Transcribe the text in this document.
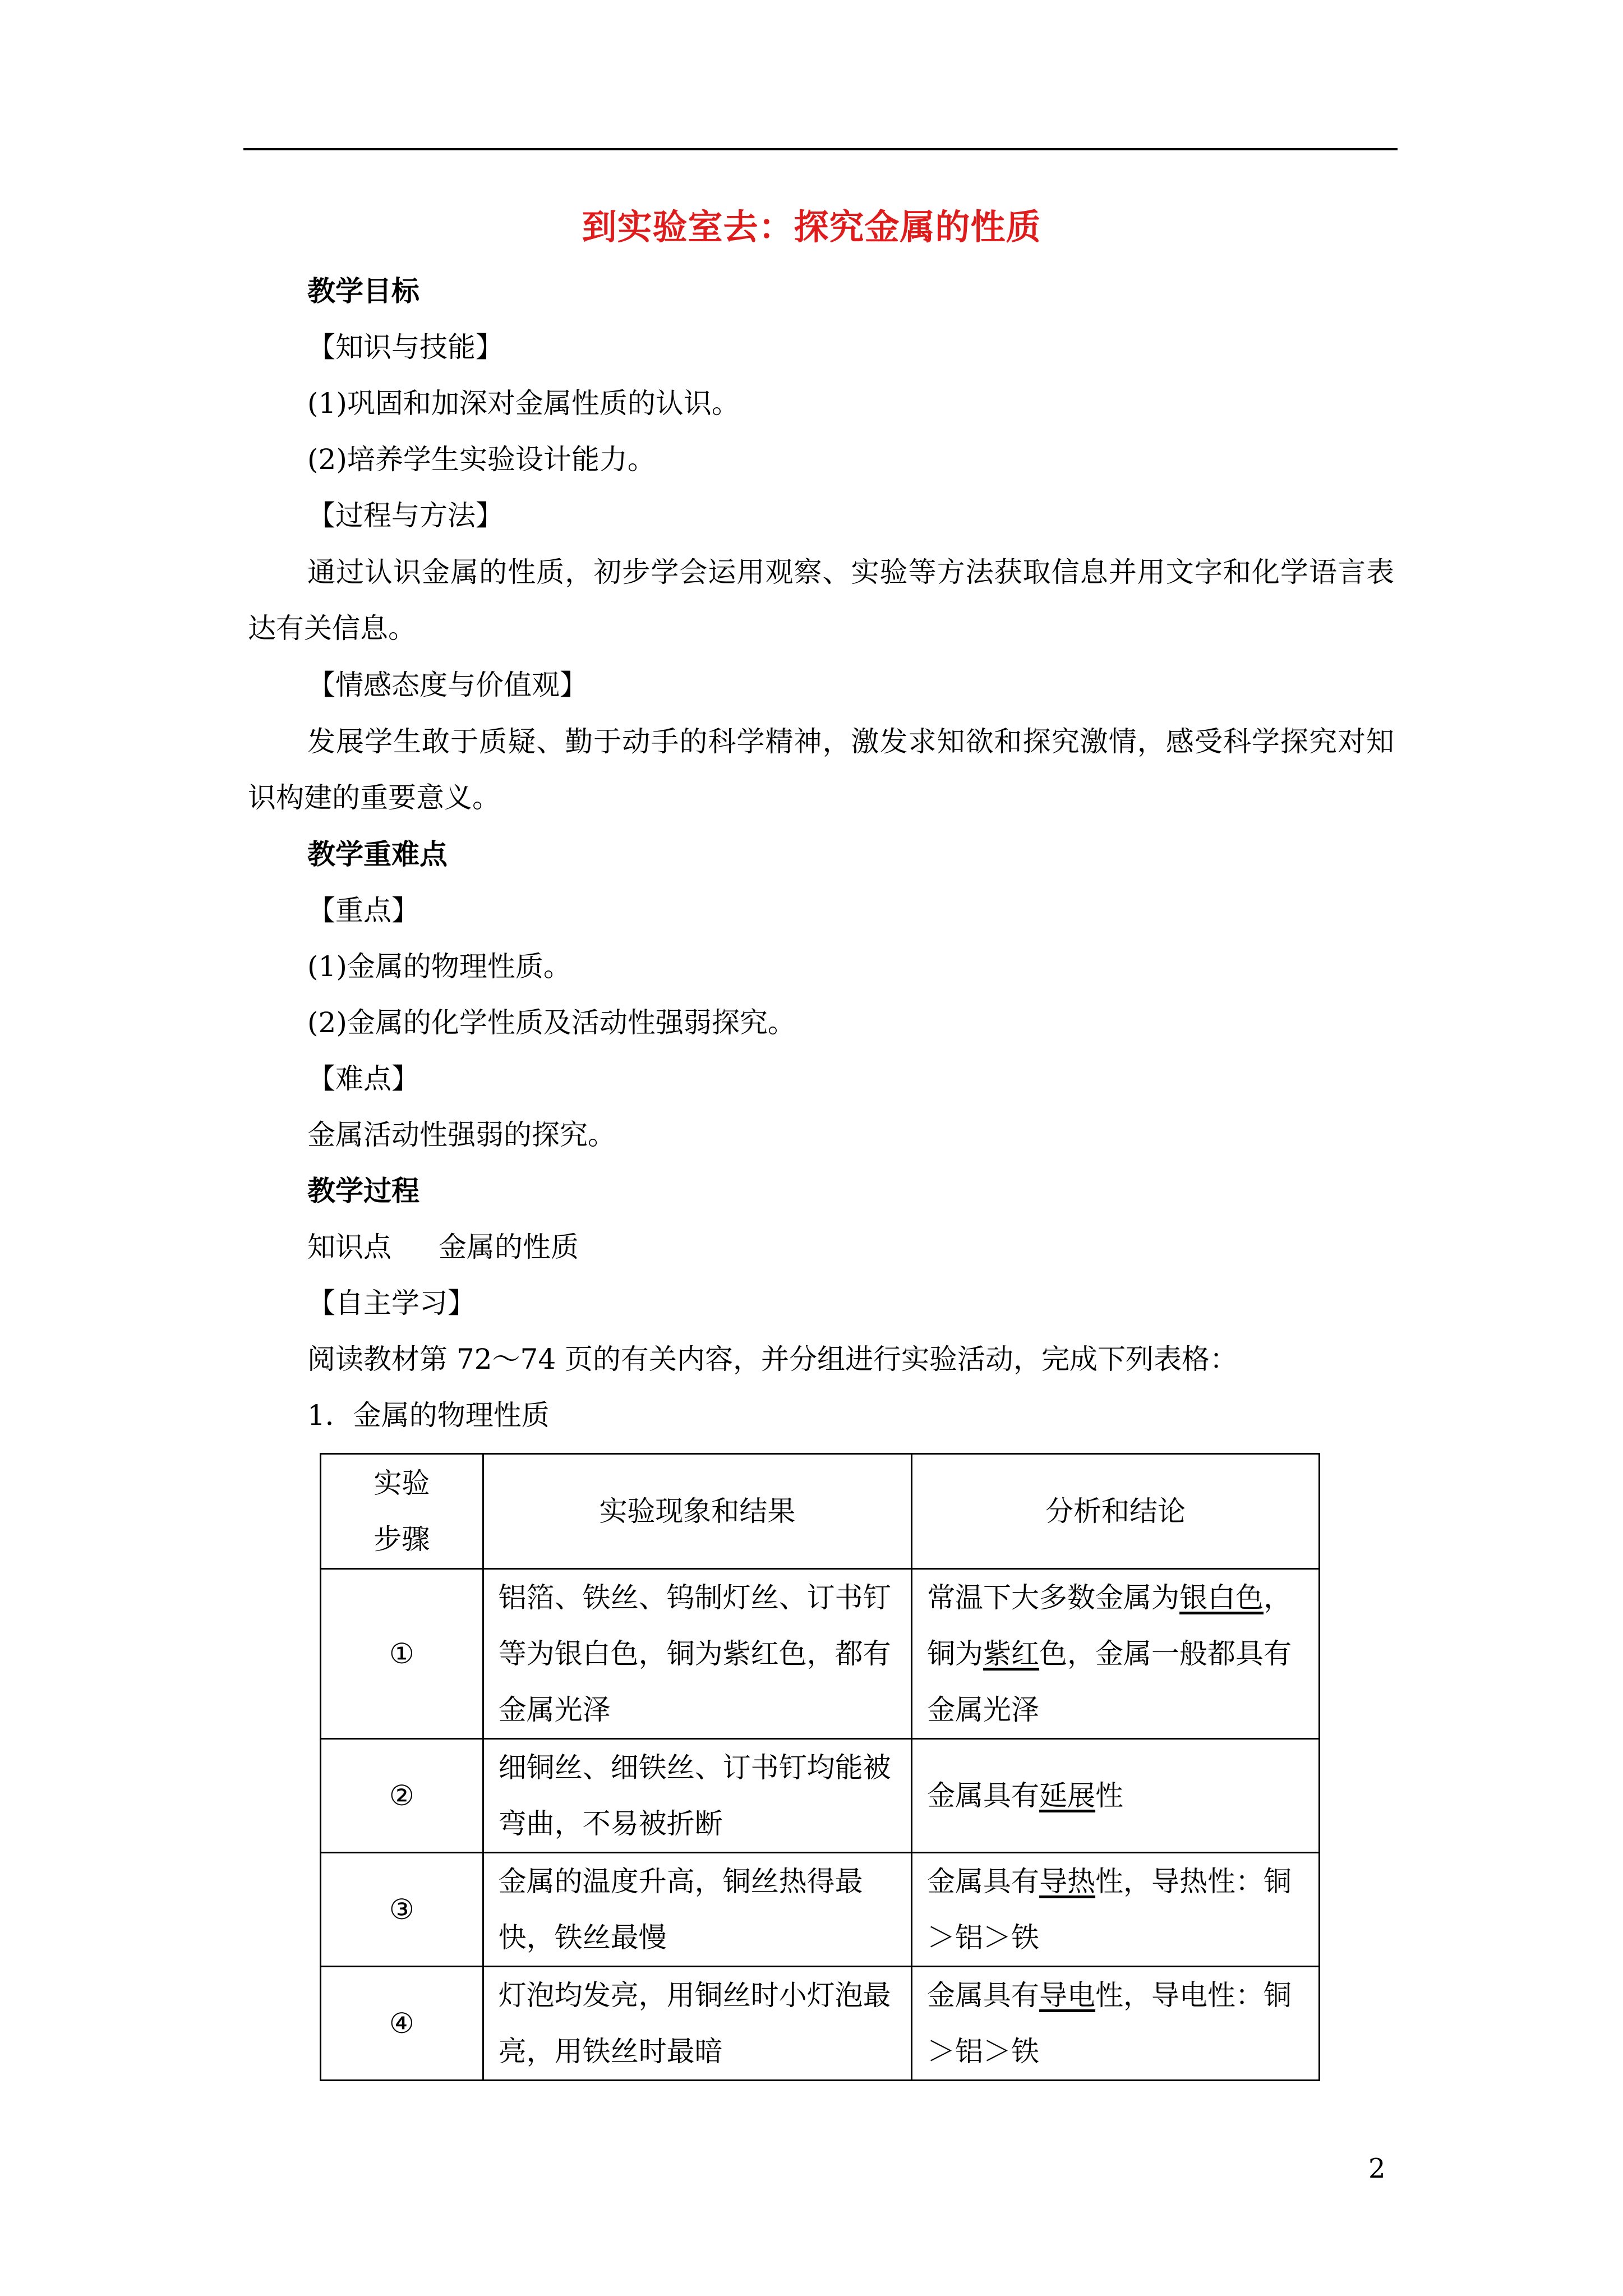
到实验室去：探究金属的性质
教学目标
【知识与技能】
(1)巩固和加深对金属性质的认识。
(2)培养学生实验设计能力。
【过程与方法】
通过认识金属的性质，初步学会运用观察、实验等方法获取信息并用文字和化学语言表达有关信息。
【情感态度与价值观】
发展学生敢于质疑、勤于动手的科学精神，激发求知欲和探究激情，感受科学探究对知识构建的重要意义。
教学重难点
【重点】
(1)金属的物理性质。
(2)金属的化学性质及活动性强弱探究。
【难点】
金属活动性强弱的探究。
教学过程
知识点 金属的性质
【自主学习】
阅读教材第 72～74 页的有关内容，并分组进行实验活动，完成下列表格：
1．金属的物理性质
实验
步骤	实验现象和结果	分析和结论
①	铝箔、铁丝、钨制灯丝、订书钉等为银白色，铜为紫红色，都有金属光泽	常温下大多数金属为银白色，铜为紫红色，金属一般都具有金属光泽
②	细铜丝、细铁丝、订书钉均能被弯曲，不易被折断	金属具有延展性
③	金属的温度升高，铜丝热得最快，铁丝最慢	金属具有导热性，导热性：铜＞铝＞铁
④	灯泡均发亮，用铜丝时小灯泡最亮，用铁丝时最暗	金属具有导电性，导电性：铜＞铝＞铁
2
